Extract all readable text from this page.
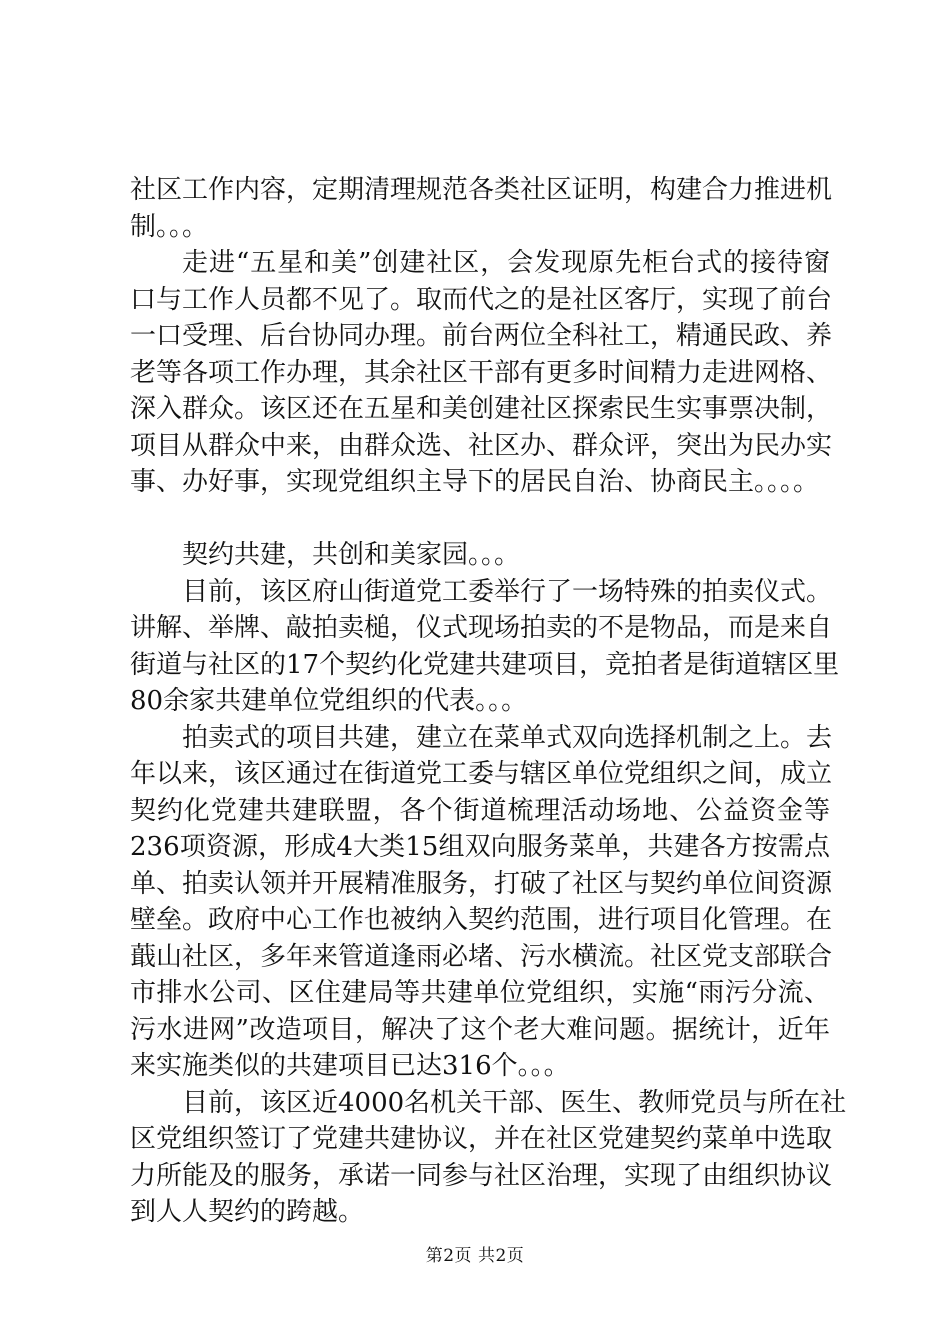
社区工作内容，定期清理规范各类社区证明，构建合力推进机
制。。。
走进“五星和美”创建社区，会发现原先柜台式的接待窗
口与工作人员都不见了。取而代之的是社区客厅，实现了前台
一口受理、后台协同办理。前台两位全科社工，精通民政、养
老等各项工作办理，其余社区干部有更多时间精力走进网格、
深入群众。该区还在五星和美创建社区探索民生实事票决制，
项目从群众中来，由群众选、社区办、群众评，突出为民办实
事、办好事，实现党组织主导下的居民自治、协商民主。。。。
契约共建，共创和美家园。。。
目前，该区府山街道党工委举行了一场特殊的拍卖仪式。
讲解、举牌、敲拍卖槌，仪式现场拍卖的不是物品，而是来自
街道与社区的17个契约化党建共建项目，竞拍者是街道辖区里
80余家共建单位党组织的代表。。。
拍卖式的项目共建，建立在菜单式双向选择机制之上。去
年以来，该区通过在街道党工委与辖区单位党组织之间，成立
契约化党建共建联盟，各个街道梳理活动场地、公益资金等
236项资源，形成4大类15组双向服务菜单，共建各方按需点
单、拍卖认领并开展精准服务，打破了社区与契约单位间资源
壁垒。政府中心工作也被纳入契约范围，进行项目化管理。在
蕺山社区，多年来管道逢雨必堵、污水横流。社区党支部联合
市排水公司、区住建局等共建单位党组织，实施“雨污分流、
污水进网”改造项目，解决了这个老大难问题。据统计，近年
来实施类似的共建项目已达316个。。。
目前，该区近4000名机关干部、医生、教师党员与所在社
区党组织签订了党建共建协议，并在社区党建契约菜单中选取
力所能及的服务，承诺一同参与社区治理，实现了由组织协议
到人人契约的跨越。
第2页 共2页
